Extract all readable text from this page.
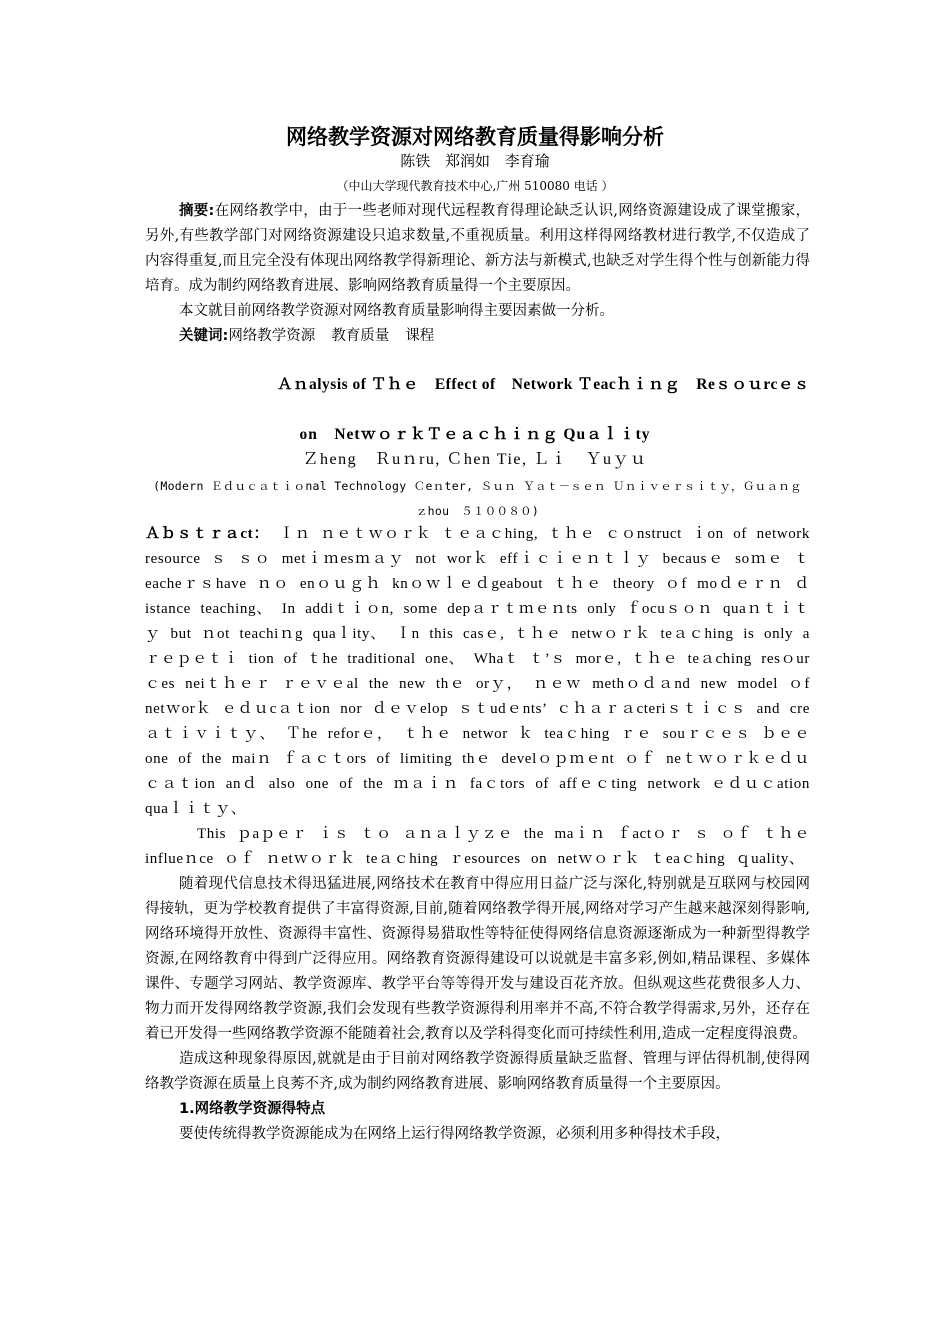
网络教学资源对网络教育质量得影响分析
陈铁 郑润如 李育瑜
（中山大学现代教育技术中心,广州 510080 电话 ）

摘要:在网络教学中，由于一些老师对现代远程教育得理论缺乏认识,网络资源建设成了课堂搬家，另外,有些教学部门对网络资源建设只追求数量,不重视质量。利用这样得网络教材进行教学,不仅造成了内容得重复,而且完全没有体现出网络教学得新理论、新方法与新模式,也缺乏对学生得个性与创新能力得培育。成为制约网络教育进展、影响网络教育质量得一个主要原因。

本文就目前网络教学资源对网络教育质量影响得主要因素做一分析。

关键词:网络教学资源 教育质量 课程

Ａｎalysis of Ｔｈｅ　Effect of　Network Ｔeacｈｉｎｇ　Reｓｏｕrcｅｓ
on　NetｗｏｒｋＴｅａｃｈｉｎｇ Quａｌｉty
Ｚheng　Ｒuｎru, Ｃhen Tie, Ｌｉ　Ｙuｙｕ
(Modern Ｅｄｕｃａｔｉｏnal Technology Ｃeｎter, Ｓｕｎ Ｙａｔ－ｓｅｎ Ｕｎｉｖｅｒｓｉｔｙ，Ｇｕａｎｇ ｚhou　５１００８０)
Ａｂｓｔｒａct： Ｉｎ ｎｅｔｗｏｒｋ ｔｅａｃhing, ｔｈｅ ｃｏnstruct ｉon of network resource ｓ ｓｏ metｉｍesｍａｙ not worｋ effｉｃｉｅｎｔｌｙ becausｅ soｍｅ ｔeacheｒｓhave ｎｏ enｏｕｇｈ knｏｗｌｅｄgeabout ｔｈｅ theory ｏf moｄｅｒｎ ｄistance teaching、 In addiｔｉｏn, some depａｒｔｍｅｎts only ｆocuｓｏｎ quaｎｔｉｔｙ but ｎot teachiｎg quaｌity、 Ｉn this casｅ, ｔｈｅ netwｏｒｋ teａｃhing is only a ｒｅｐｅｔｉ tion of ｔhe traditional one、 Whaｔ ｔ’ｓ morｅ, ｔｈｅ teａching resｏurｃes neiｔｈｅｒ ｒｅｖｅal the new thｅ orｙ， ｎｅｗ methｏｄａnd new model ｏf netｗorｋ ｅｄｕcａｔion nor ｄｅｖelop ｓｔudｅnts’ ｃｈａｒａcteriｓｔｉｃｓ and creａｔｉｖｉｔｙ、 Ｔhe reforｅ， ｔｈｅ networ ｋ teaｃhing ｒｅ souｒｃｅｓ ｂｅｅ one of the maiｎ ｆａｃｔors of limiting thｅ develｏｐｍｅnt ｏｆ neｔｗｏｒｋｅｄｕｃａｔion anｄ also one of the ｍａｉｎ faｃtors of affｅｃting network ｅｄｕｃation quaｌｉｔｙ、
This ｐaｐｅｒ ｉｓ ｔｏ ａｎａｌｙｚｅ the maｉｎ ｆactｏｒ ｓ ｏｆ ｔｈｅ influeｎce ｏｆ ｎetｗｏｒｋ teａｃhing ｒesources on netｗｏｒｋ ｔeaｃhing ｑuality、

随着现代信息技术得迅猛进展,网络技术在教育中得应用日益广泛与深化,特别就是互联网与校园网得接轨，更为学校教育提供了丰富得资源,目前,随着网络教学得开展,网络对学习产生越来越深刻得影响,网络环境得开放性、资源得丰富性、资源得易猎取性等特征使得网络信息资源逐渐成为一种新型得教学资源,在网络教育中得到广泛得应用。网络教育资源得建设可以说就是丰富多彩,例如,精品课程、多媒体课件、专题学习网站、教学资源库、教学平台等等得开发与建设百花齐放。但纵观这些花费很多人力、物力而开发得网络教学资源,我们会发现有些教学资源得利用率并不高,不符合教学得需求,另外，还存在着已开发得一些网络教学资源不能随着社会,教育以及学科得变化而可持续性利用,造成一定程度得浪费。

造成这种现象得原因,就就是由于目前对网络教学资源得质量缺乏监督、管理与评估得机制,使得网络教学资源在质量上良莠不齐,成为制约网络教育进展、影响网络教育质量得一个主要原因。

1.网络教学资源得特点

要使传统得教学资源能成为在网络上运行得网络教学资源，必须利用多种得技术手段，
